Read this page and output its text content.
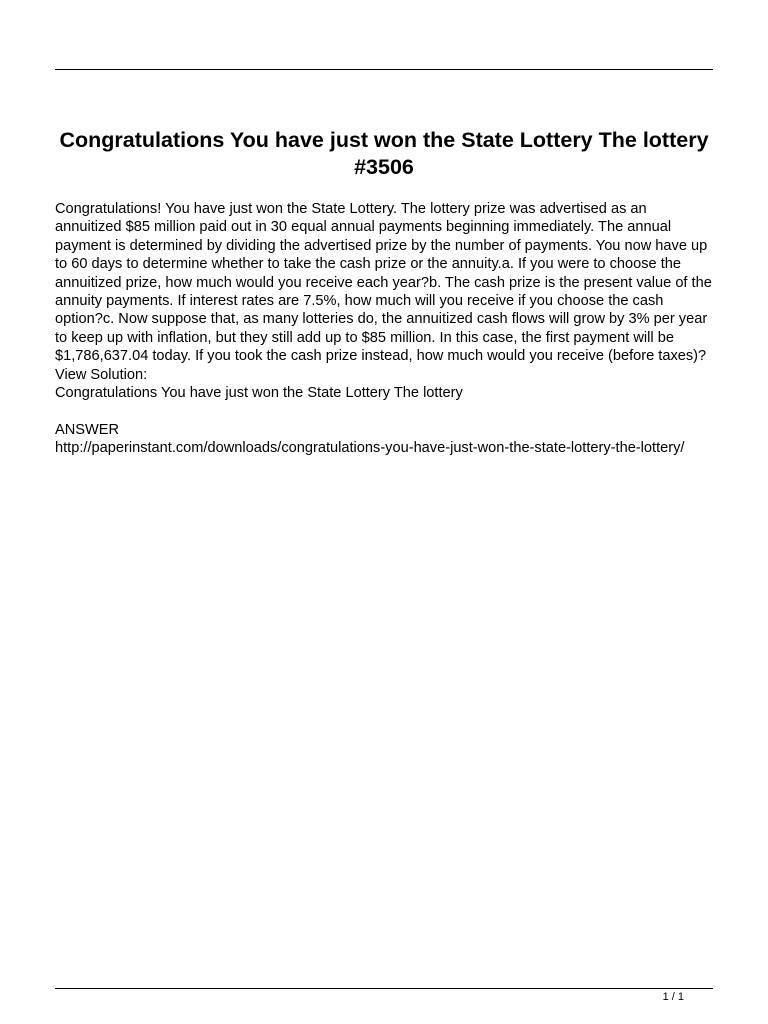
Congratulations You have just won the State Lottery The lottery #3506

Congratulations! You have just won the State Lottery. The lottery prize was advertised as an annuitized $85 million paid out in 30 equal annual payments beginning immediately. The annual payment is determined by dividing the advertised prize by the number of payments. You now have up to 60 days to determine whether to take the cash prize or the annuity.a. If you were to choose the annuitized prize, how much would you receive each year?b. The cash prize is the present value of the annuity payments. If interest rates are 7.5%, how much will you receive if you choose the cash option?c. Now suppose that, as many lotteries do, the annuitized cash flows will grow by 3% per year to keep up with inflation, but they still add up to $85 million. In this case, the first payment will be $1,786,637.04 today. If you took the cash prize instead, how much would you receive (before taxes)?View Solution:

Congratulations You have just won the State Lottery The lottery

ANSWER

http://paperinstant.com/downloads/congratulations-you-have-just-won-the-state-lottery-the-lottery/

1 / 1
